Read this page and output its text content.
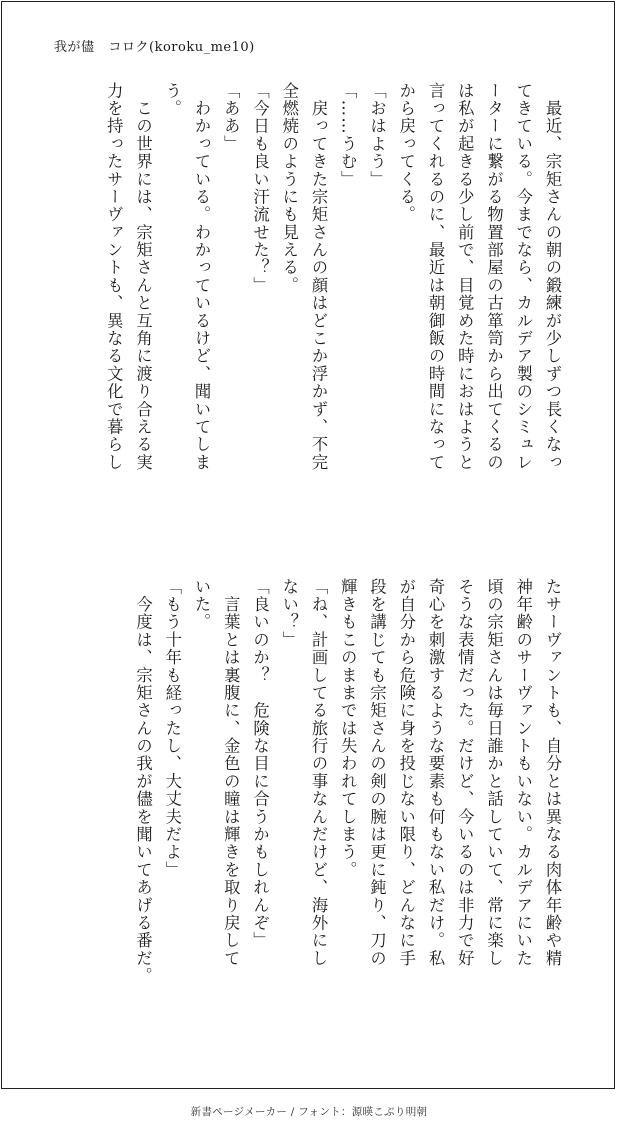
我が儘 コロク(koroku_me10)
　最近、宗矩さんの朝の鍛練が少しずつ長くなっ
てきている。今までなら、カルデア製のシミュレ
ーターに繋がる物置部屋の古箪笥から出てくるの
は私が起きる少し前で、目覚めた時におはようと
言ってくれるのに、最近は朝御飯の時間になって
から戻ってくる。
「おはよう」
「……うむ」
　戻ってきた宗矩さんの顔はどこか浮かず、不完
全燃焼のようにも見える。
「今日も良い汗流せた？」
「ああ」
　わかっている。わかっているけど、聞いてしま
う。
　この世界には、宗矩さんと互角に渡り合える実
力を持ったサーヴァントも、異なる文化で暮らし
たサーヴァントも、自分とは異なる肉体年齢や精
神年齢のサーヴァントもいない。カルデアにいた
頃の宗矩さんは毎日誰かと話していて、常に楽し
そうな表情だった。だけど、今いるのは非力で好
奇心を刺激するような要素も何もない私だけ。私
が自分から危険に身を投じない限り、どんなに手
段を講じても宗矩さんの剣の腕は更に鈍り、刀の
輝きもこのままでは失われてしまう。
「ね、計画してる旅行の事なんだけど、海外にし
ない？」
「良いのか？　危険な目に合うかもしれんぞ」
　言葉とは裏腹に、金色の瞳は輝きを取り戻して
いた。
「もう十年も経ったし、大丈夫だよ」
　今度は、宗矩さんの我が儘を聞いてあげる番だ。
新書ページメーカー / フォント：源暎こぶり明朝
